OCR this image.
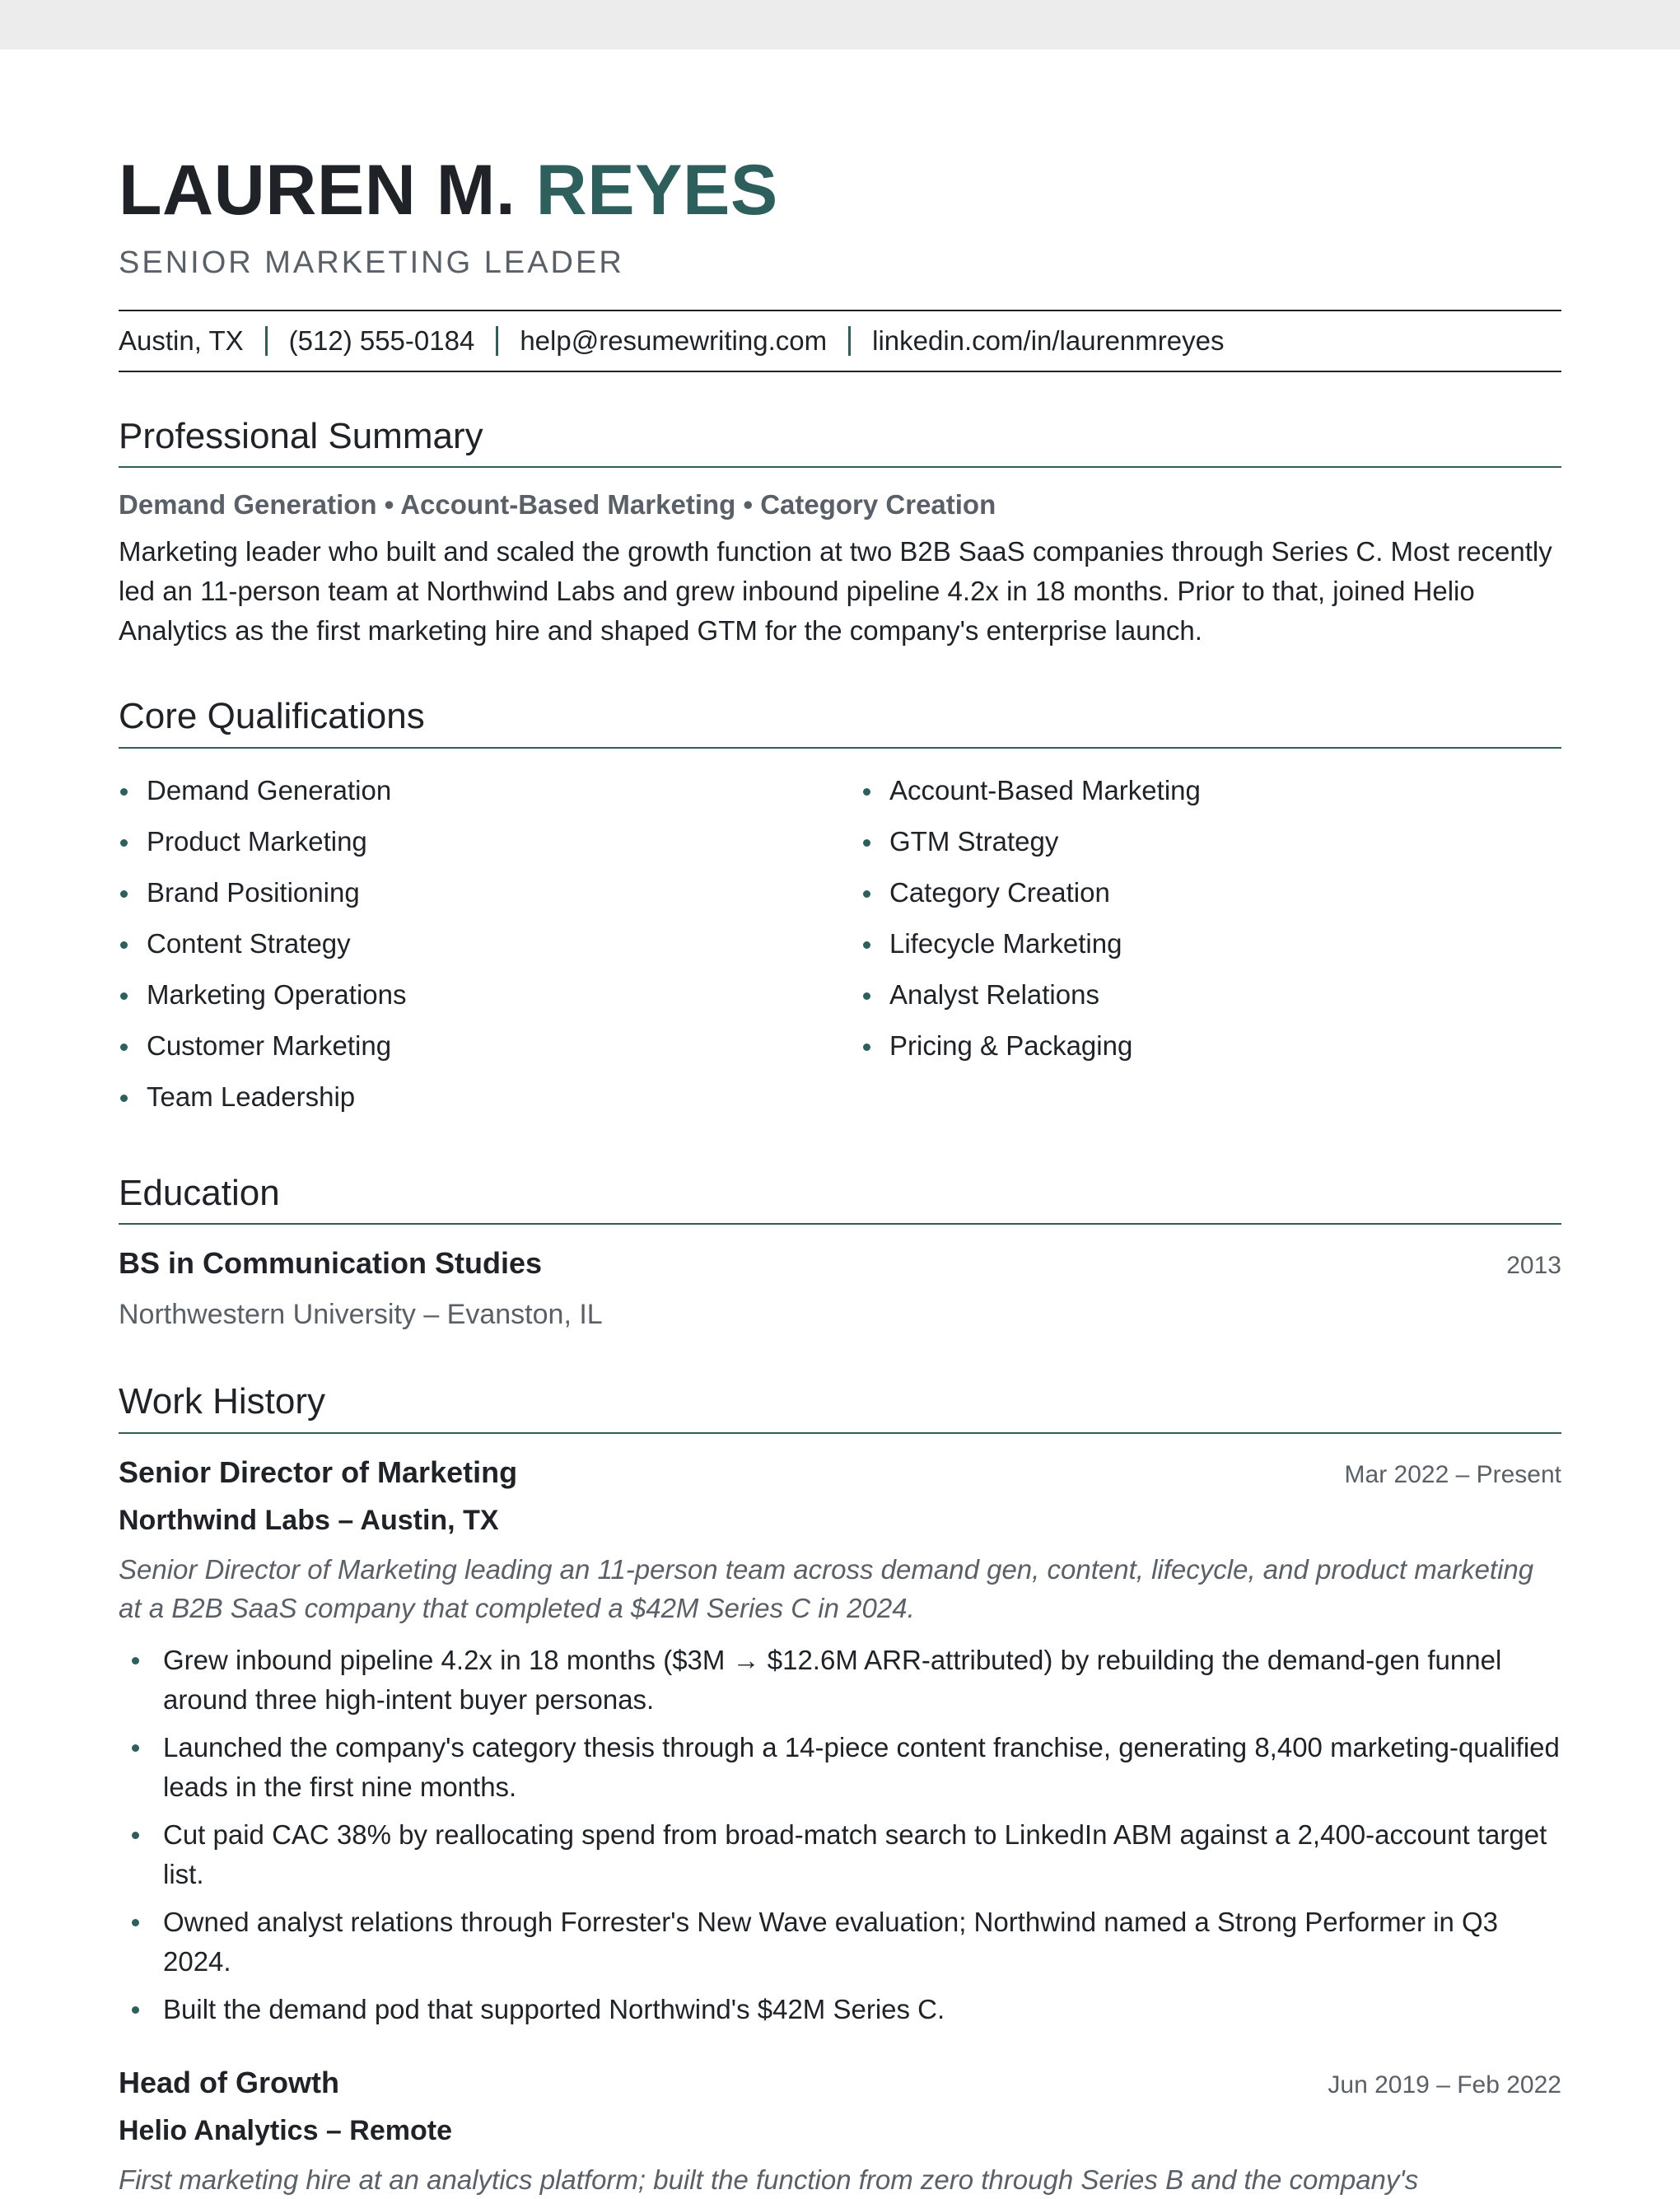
LAUREN M. REYES
SENIOR MARKETING LEADER
Austin, TX (512) 555-0184 help@resumewriting.com linkedin.com/in/laurenmreyes
Professional Summary
Demand Generation • Account-Based Marketing • Category Creation
Marketing leader who built and scaled the growth function at two B2B SaaS companies through Series C. Most recently led an 11-person team at Northwind Labs and grew inbound pipeline 4.2x in 18 months. Prior to that, joined Helio Analytics as the first marketing hire and shaped GTM for the company's enterprise launch.
Core Qualifications
Demand Generation
Product Marketing
Brand Positioning
Content Strategy
Marketing Operations
Customer Marketing
Team Leadership
Account-Based Marketing
GTM Strategy
Category Creation
Lifecycle Marketing
Analyst Relations
Pricing & Packaging
Education
BS in Communication Studies	2013
Northwestern University – Evanston, IL
Work History
Senior Director of Marketing	Mar 2022 – Present
Northwind Labs – Austin, TX
Senior Director of Marketing leading an 11-person team across demand gen, content, lifecycle, and product marketing at a B2B SaaS company that completed a $42M Series C in 2024.
Grew inbound pipeline 4.2x in 18 months ($3M → $12.6M ARR-attributed) by rebuilding the demand-gen funnel around three high-intent buyer personas.
Launched the company's category thesis through a 14-piece content franchise, generating 8,400 marketing-qualified leads in the first nine months.
Cut paid CAC 38% by reallocating spend from broad-match search to LinkedIn ABM against a 2,400-account target list.
Owned analyst relations through Forrester's New Wave evaluation; Northwind named a Strong Performer in Q3 2024.
Built the demand pod that supported Northwind's $42M Series C.
Head of Growth	Jun 2019 – Feb 2022
Helio Analytics – Remote
First marketing hire at an analytics platform; built the function from zero through Series B and the company's
